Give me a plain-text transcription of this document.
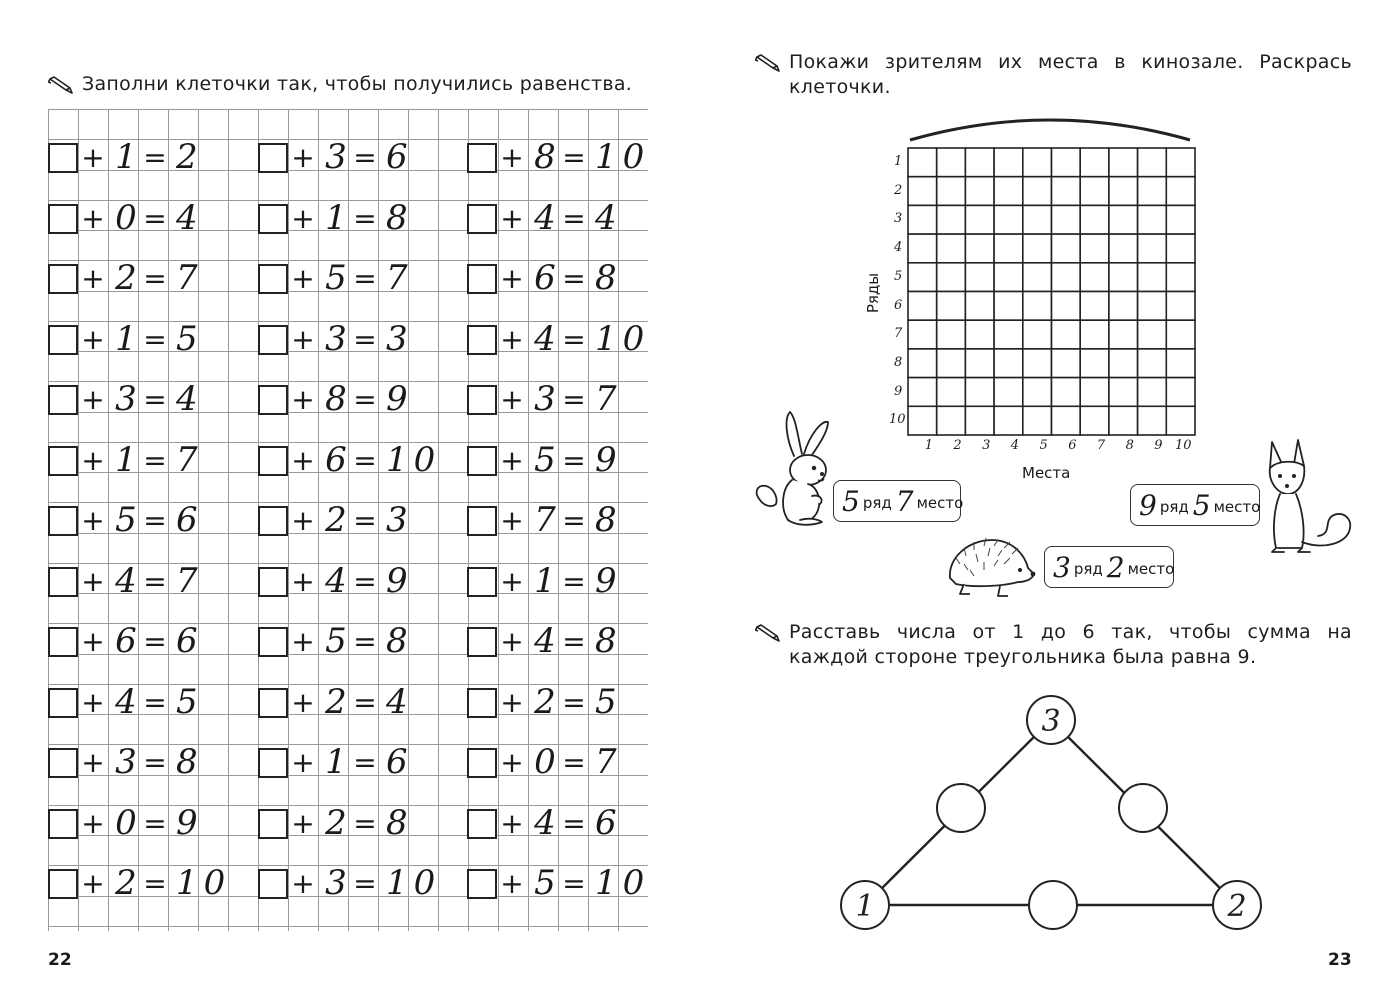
Заполни клеточки так, чтобы получились равенства.
+ 1 = 2
+ 0 = 4
+ 2 = 7
+ 1 = 5
+ 3 = 4
+ 1 = 7
+ 5 = 6
+ 4 = 7
+ 6 = 6
+ 4 = 5
+ 3 = 8
+ 0 = 9
+ 2 = 10
+ 3 = 6
+ 1 = 8
+ 5 = 7
+ 3 = 3
+ 8 = 9
+ 6 = 10
+ 2 = 3
+ 4 = 9
+ 5 = 8
+ 2 = 4
+ 1 = 6
+ 2 = 8
+ 3 = 10
+ 8 = 10
+ 4 = 4
+ 6 = 8
+ 4 = 10
+ 3 = 7
+ 5 = 9
+ 7 = 8
+ 1 = 9
+ 4 = 8
+ 2 = 5
+ 0 = 7
+ 4 = 6
+ 5 = 10
22
Покажи зрителям их места в кинозале. Раскрась
клеточки.
1
2
3
4
5
6
7
8
9
10
1 2 3 4 5 6 7 8 9 10
Ряды
Места
5 ряд 7 место	9 ряд 5 место
3 ряд 2 место
Расставь числа от 1 до 6 так, чтобы сумма на
каждой стороне треугольника была равна 9.
3
1	2
23
